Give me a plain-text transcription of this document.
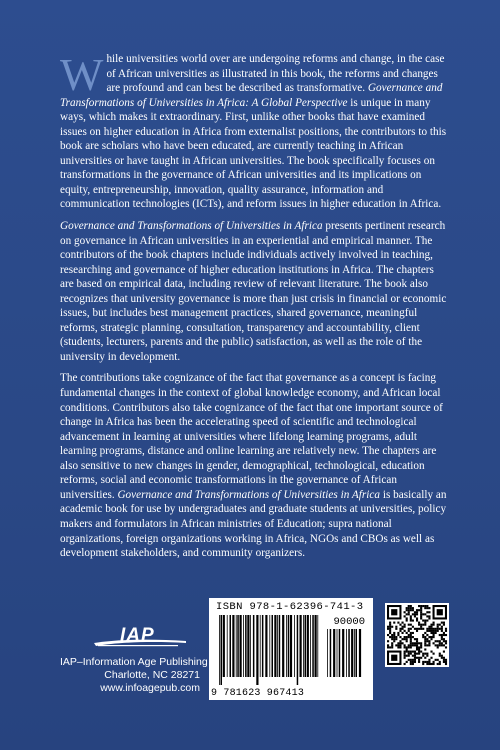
While universities world over are undergoing reforms and change, in the case of African universities as illustrated in this book, the reforms and changes are profound and can best be described as transformative. Governance and Transformations of Universities in Africa: A Global Perspective is unique in many ways, which makes it extraordinary. First, unlike other books that have examined issues on higher education in Africa from externalist positions, the contributors to this book are scholars who have been educated, are currently teaching in African universities or have taught in African universities. The book specifically focuses on transformations in the governance of African universities and its implications on equity, entrepreneurship, innovation, quality assurance, information and communication technologies (ICTs), and reform issues in higher education in Africa.

Governance and Transformations of Universities in Africa presents pertinent research on governance in African universities in an experiential and empirical manner. The contributors of the book chapters include individuals actively involved in teaching, researching and governance of higher education institutions in Africa. The chapters are based on empirical data, including review of relevant literature. The book also recognizes that university governance is more than just crisis in financial or economic issues, but includes best management practices, shared governance, meaningful reforms, strategic planning, consultation, transparency and accountability, client (students, lecturers, parents and the public) satisfaction, as well as the role of the university in development.

The contributions take cognizance of the fact that governance as a concept is facing fundamental changes in the context of global knowledge economy, and African local conditions. Contributors also take cognizance of the fact that one important source of change in Africa has been the accelerating speed of scientific and technological advancement in learning at universities where lifelong learning programs, adult learning programs, distance and online learning are relatively new. The chapters are also sensitive to new changes in gender, demographical, technological, education reforms, social and economic transformations in the governance of African universities. Governance and Transformations of Universities in Africa is basically an academic book for use by undergraduates and graduate students at universities, policy makers and formulators in African ministries of Education; supra national organizations, foreign organizations working in Africa, NGOs and CBOs as well as development stakeholders, and community organizers.

IAP
IAP–Information Age Publishing
Charlotte, NC 28271
www.infoagepub.com
ISBN 978-1-62396-741-3
90000
9 781623 967413
